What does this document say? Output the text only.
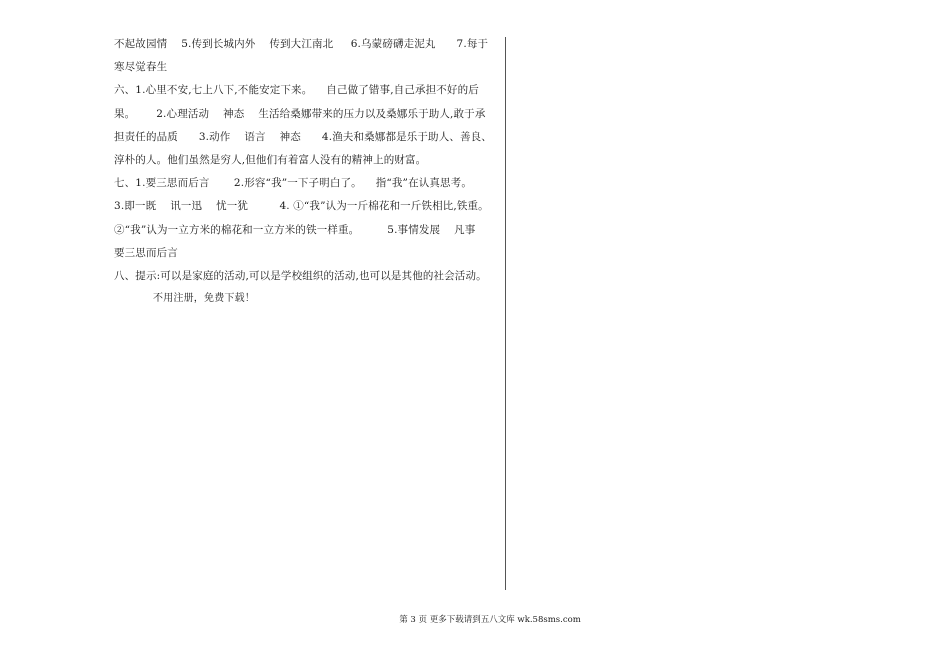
不起故园情    5.传到长城内外    传到大江南北     6.乌蒙磅礴走泥丸      7.每于
寒尽觉春生
六、1.心里不安,七上八下,不能安定下来。    自己做了错事,自己承担不好的后
果。      2.心理活动    神态    生活给桑娜带来的压力以及桑娜乐于助人,敢于承
担责任的品质      3.动作    语言    神态      4.渔夫和桑娜都是乐于助人、善良、
淳朴的人。他们虽然是穷人,但他们有着富人没有的精神上的财富。
七、1.要三思而后言       2.形容“我”一下子明白了。    指“我”在认真思考。
3.即一既    讯一迅    忧一犹         4. ①“我”认为一斤棉花和一斤铁相比,铁重。
②“我”认为一立方米的棉花和一立方米的铁一样重。        5.事情发展    凡事
要三思而后言
八、提示:可以是家庭的活动,可以是学校组织的活动,也可以是其他的社会活动。
不用注册，免费下载！
第 3 页 更多下载请到五八文库 wk.58sms.com
